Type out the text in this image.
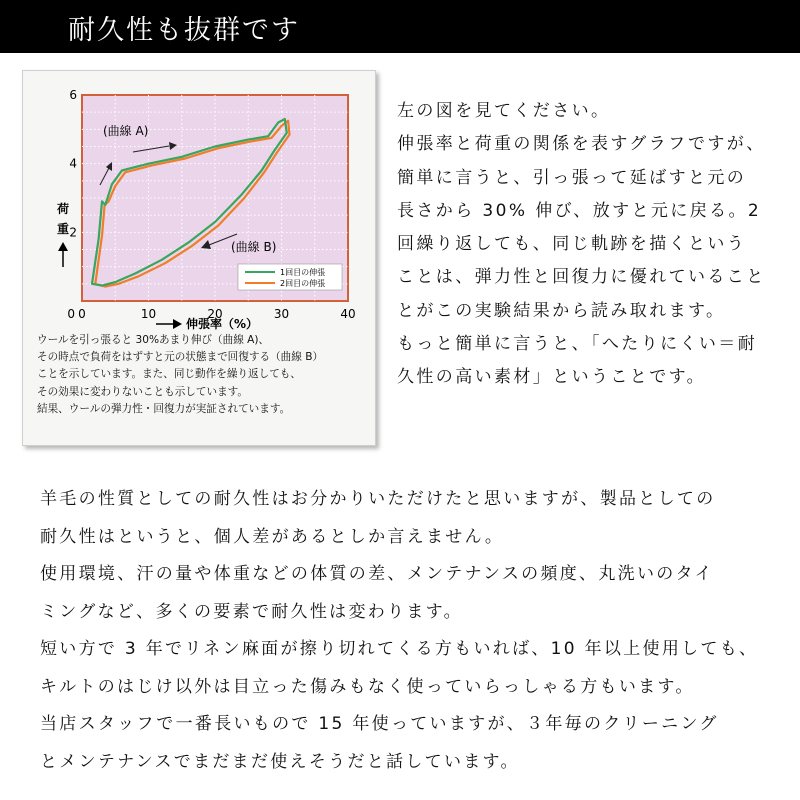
耐久性も抜群です
0	10	20	30	40
2
4
6
0
荷
重
伸張率（%）
(曲線 A)
(曲線 B)
1回目の伸張
2回目の伸張
ウールを引っ張ると 30%あまり伸び（曲線 A)、
その時点で負荷をはずすと元の状態まで回復する（曲線 B）
ことを示しています。また、同じ動作を繰り返しても、
その効果に変わりないことも示しています。
結果、ウールの弾力性・回復力が実証されています。
左の図を見てください。
伸張率と荷重の関係を表すグラフですが、
簡単に言うと、引っ張って延ばすと元の
長さから 30% 伸び、放すと元に戻る。2
回繰り返しても、同じ軌跡を描くという
ことは、弾力性と回復力に優れていること
とがこの実験結果から読み取れます。
もっと簡単に言うと、「へたりにくい＝耐
久性の高い素材」ということです。
羊毛の性質としての耐久性はお分かりいただけたと思いますが、製品としての
耐久性はというと、個人差があるとしか言えません。
使用環境、汗の量や体重などの体質の差、メンテナンスの頻度、丸洗いのタイ
ミングなど、多くの要素で耐久性は変わります。
短い方で 3 年でリネン麻面が擦り切れてくる方もいれば、10 年以上使用しても、
キルトのはじけ以外は目立った傷みもなく使っていらっしゃる方もいます。
当店スタッフで一番長いもので 15 年使っていますが、３年毎のクリーニング
とメンテナンスでまだまだ使えそうだと話しています。
